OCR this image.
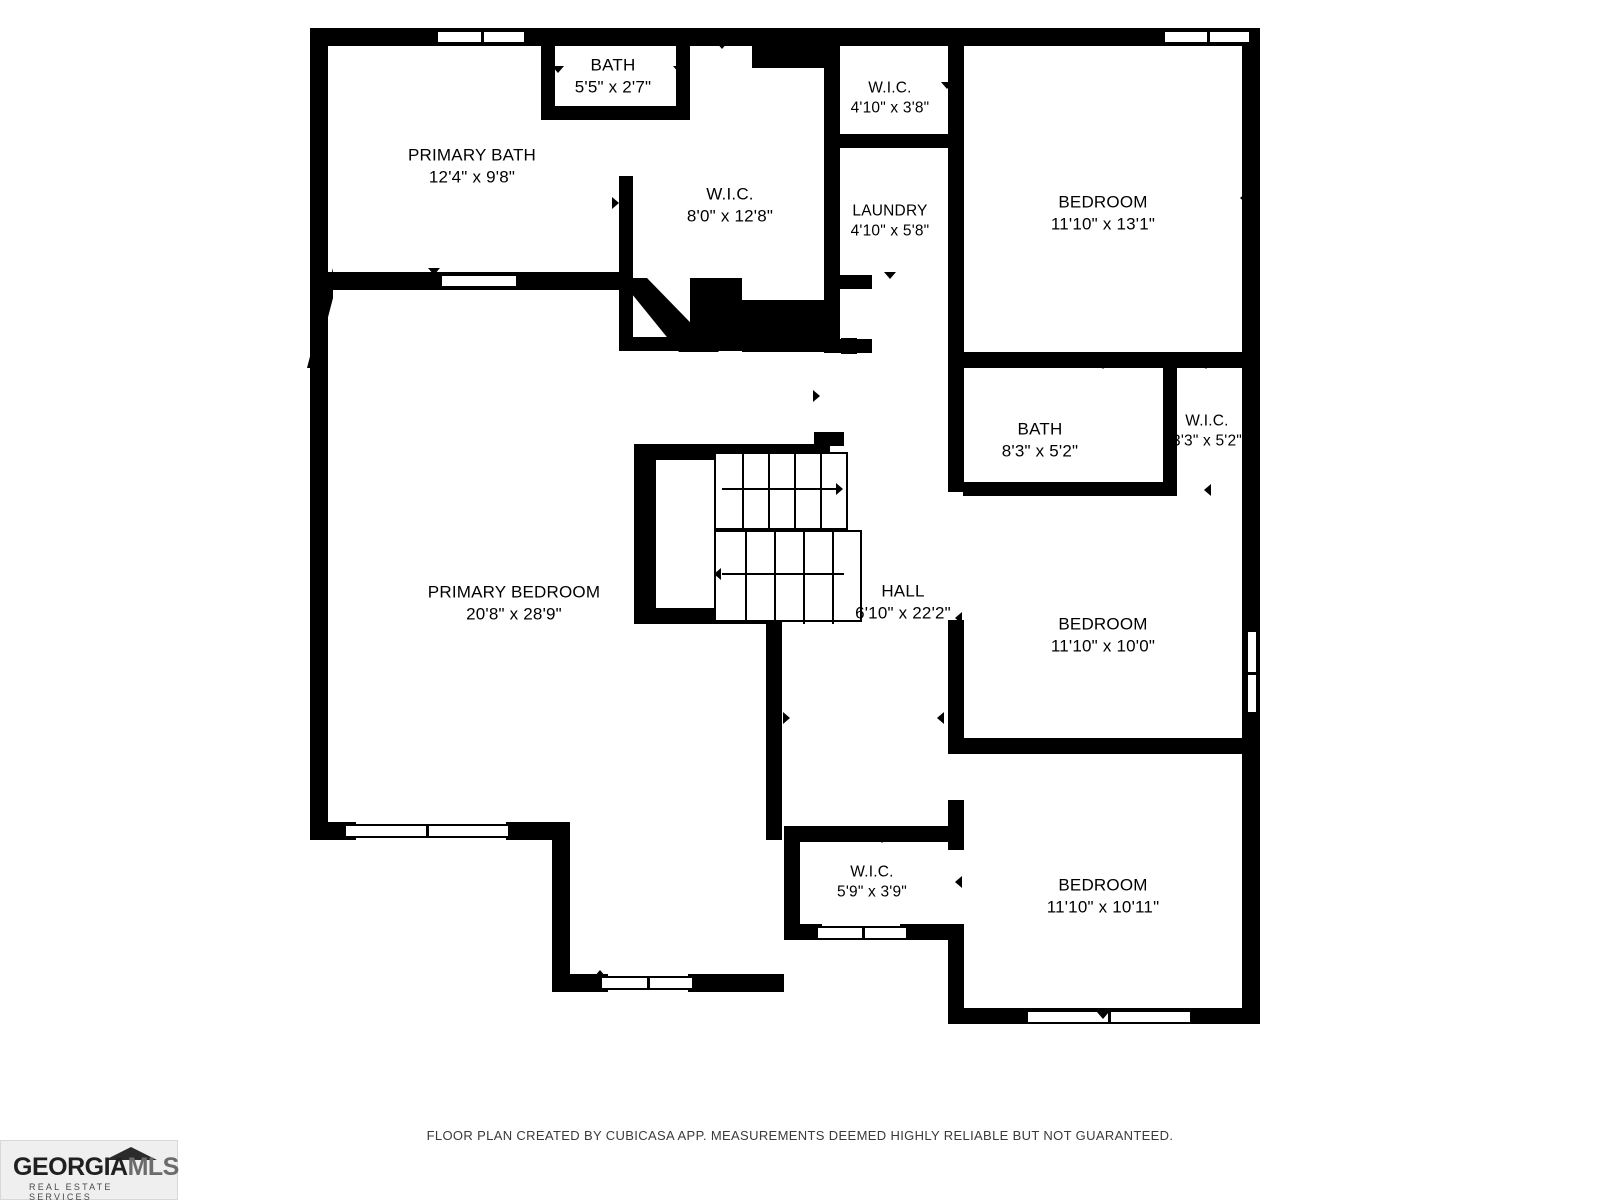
PRIMARY BATH
12'4" x 9'8"
BATH
5'5" x 2'7"
W.I.C.
8'0" x 12'8"
W.I.C.
4'10" x 3'8"
LAUNDRY
4'10" x 5'8"
BEDROOM
11'10" x 13'1"
BATH
8'3" x 5'2"
W.I.C.
3'3" x 5'2"
PRIMARY BEDROOM
20'8" x 28'9"
HALL
6'10" x 22'2"
BEDROOM
11'10" x 10'0"
W.I.C.
5'9" x 3'9"	BEDROOM
11'10" x 10'11"
FLOOR PLAN CREATED BY CUBICASA APP. MEASUREMENTS DEEMED HIGHLY RELIABLE BUT NOT GUARANTEED.
GEORGIAMLS
REAL ESTATE SERVICES
